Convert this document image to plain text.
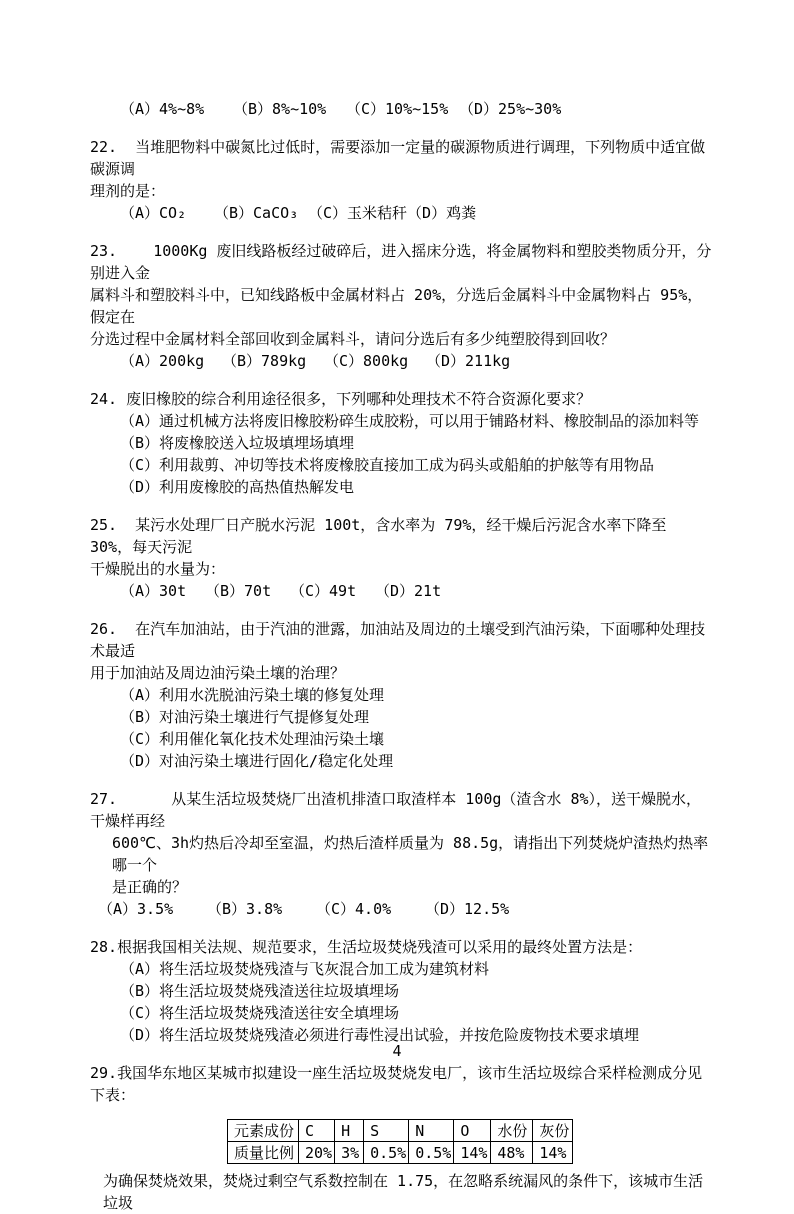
（A）4%~8%	（B）8%~10%	（C）10%~15% （D）25%~30%
22.  当堆肥物料中碳氮比过低时，需要添加一定量的碳源物质进行调理，下列物质中适宜做碳源调
理剂的是：
（A）CO₂	（B）CaCO₃ （C）玉米秸秆 （D）鸡粪
23.    1000Kg 废旧线路板经过破碎后，进入摇床分选，将金属物料和塑胶类物质分开，分别进入金
属料斗和塑胶料斗中，已知线路板中金属材料占 20%，分选后金属料斗中金属物料占 95%，假定在
分选过程中金属材料全部回收到金属料斗，请问分选后有多少纯塑胶得到回收？
（A）200kg	（B）789kg	（C）800kg	（D）211kg
24. 废旧橡胶的综合利用途径很多，下列哪种处理技术不符合资源化要求？
（A）通过机械方法将废旧橡胶粉碎生成胶粉，可以用于铺路材料、橡胶制品的添加料等
（B）将废橡胶送入垃圾填埋场填埋
（C）利用裁剪、冲切等技术将废橡胶直接加工成为码头或船舶的护舷等有用物品
（D）利用废橡胶的高热值热解发电
25.  某污水处理厂日产脱水污泥 100t，含水率为 79%，经干燥后污泥含水率下降至 30%，每天污泥
干燥脱出的水量为：
（A）30t	（B）70t	（C）49t	（D）21t
26.  在汽车加油站，由于汽油的泄露，加油站及周边的土壤受到汽油污染，下面哪种处理技术最适
用于加油站及周边油污染土壤的治理？
（A）利用水洗脱油污染土壤的修复处理
（B）对油污染土壤进行气提修复处理
（C）利用催化氧化技术处理油污染土壤
（D）对油污染土壤进行固化/稳定化处理
27.      从某生活垃圾焚烧厂出渣机排渣口取渣样本 100g（渣含水 8%），送干燥脱水，干燥样再经
600℃、3h灼热后冷却至室温，灼热后渣样质量为 88.5g，请指出下列焚烧炉渣热灼热率哪一个
是正确的？
（A）3.5%	（B）3.8%	（C）4.0%	（D）12.5%
28.根据我国相关法规、规范要求，生活垃圾焚烧残渣可以采用的最终处置方法是：
（A）将生活垃圾焚烧残渣与飞灰混合加工成为建筑材料
（B）将生活垃圾焚烧残渣送往垃圾填埋场
（C）将生活垃圾焚烧残渣送往安全填埋场
（D）将生活垃圾焚烧残渣必须进行毒性浸出试验，并按危险废物技术要求填埋
29.我国华东地区某城市拟建设一座生活垃圾焚烧发电厂，该市生活垃圾综合采样检测成分见下表：
元素成份	C	H	S	N	O	水份	灰份
质量比例	20%	3%	0.5%	0.5%	14%	48%	14%
为确保焚烧效果，焚烧过剩空气系数控制在 1.75，在忽略系统漏风的条件下，该城市生活垃圾
4
